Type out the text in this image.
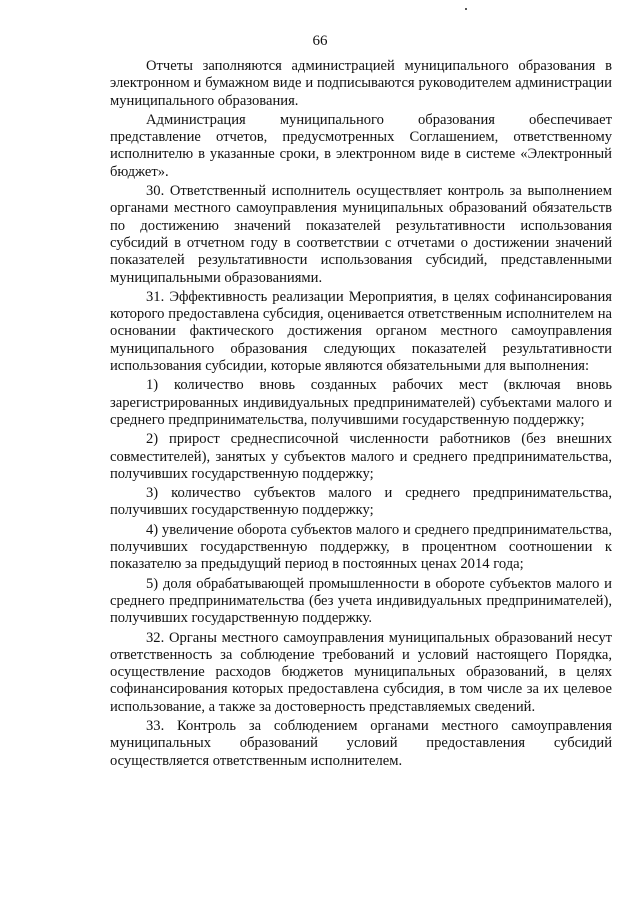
66

Отчеты заполняются администрацией муниципального образования в электронном и бумажном виде и подписываются руководителем администрации муниципального образования.

Администрация муниципального образования обеспечивает представление отчетов, предусмотренных Соглашением, ответственному исполнителю в указанные сроки, в электронном виде в системе «Электронный бюджет».

30. Ответственный исполнитель осуществляет контроль за выполнением органами местного самоуправления муниципальных образований обязательств по достижению значений показателей результативности использования субсидий в отчетном году в соответствии с отчетами о достижении значений показателей результативности использования субсидий, представленными муниципальными образованиями.

31. Эффективность реализации Мероприятия, в целях софинансирования которого предоставлена субсидия, оценивается ответственным исполнителем на основании фактического достижения органом местного самоуправления муниципального образования следующих показателей результативности использования субсидии, которые являются обязательными для выполнения:

1) количество вновь созданных рабочих мест (включая вновь зарегистрированных индивидуальных предпринимателей) субъектами малого и среднего предпринимательства, получившими государственную поддержку;

2) прирост среднесписочной численности работников (без внешних совместителей), занятых у субъектов малого и среднего предпринимательства, получивших государственную поддержку;

3) количество субъектов малого и среднего предпринимательства, получивших государственную поддержку;

4) увеличение оборота субъектов малого и среднего предпринимательства, получивших государственную поддержку, в процентном соотношении к показателю за предыдущий период в постоянных ценах 2014 года;

5) доля обрабатывающей промышленности в обороте субъектов малого и среднего предпринимательства (без учета индивидуальных предпринимателей), получивших государственную поддержку.

32. Органы местного самоуправления муниципальных образований несут ответственность за соблюдение требований и условий настоящего Порядка, осуществление расходов бюджетов муниципальных образований, в целях софинансирования которых предоставлена субсидия, в том числе за их целевое использование, а также за достоверность представляемых сведений.

33. Контроль за соблюдением органами местного самоуправления муниципальных образований условий предоставления субсидий осуществляется ответственным исполнителем.
